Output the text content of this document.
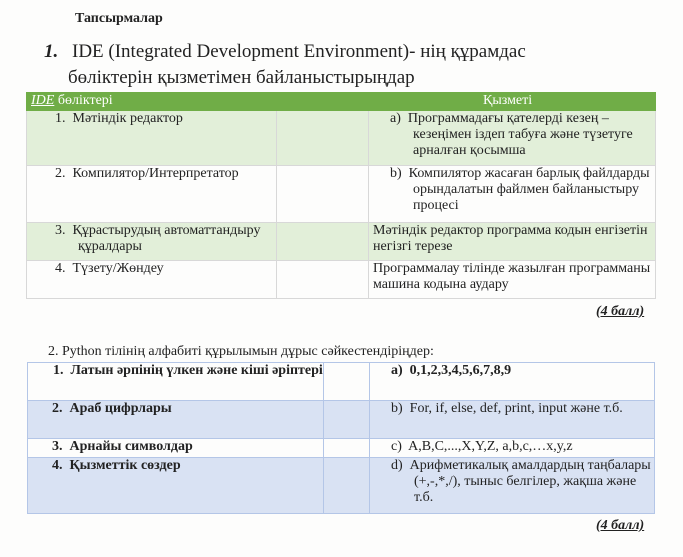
Тапсырмалар
1. IDE (Integrated Development Environment)- нің құрамдас
бөліктерін қызметімен байланыстырыңдар
IDE бөліктері		Қызметі
1. Мәтіндік редактор		a) Программадағы қателерді кезең – кезеңімен іздеп табуға және түзетуге арналған қосымша
2. Компилятор/Интерпретатор		b) Компилятор жасаған барлық файлдарды орындалатын файлмен байланыстыру процесі
3. Құрастырудың автоматтандыру құралдары		Мәтіндік редактор программа кодын енгізетін негізгі терезе
4. Түзету/Жөндеу		Программалау тілінде жазылған программаны машина кодына аудару
(4 балл)
2. Python тілінің алфабиті құрылымын дұрыс сәйкестендіріңдер:
1. Латын әрпінің үлкен және кіші әріптері		a) 0,1,2,3,4,5,6,7,8,9
2. Араб цифрлары		b) For, if, else, def, print, input және т.б.
3. Арнайы символдар		c) A,B,C,...,X,Y,Z, a,b,c,…x,y,z
4. Қызметтік сөздер		d) Арифметикалық амалдардың таңбалары (+,-,*,/), тыныс белгілер, жақша және т.б.
(4 балл)
